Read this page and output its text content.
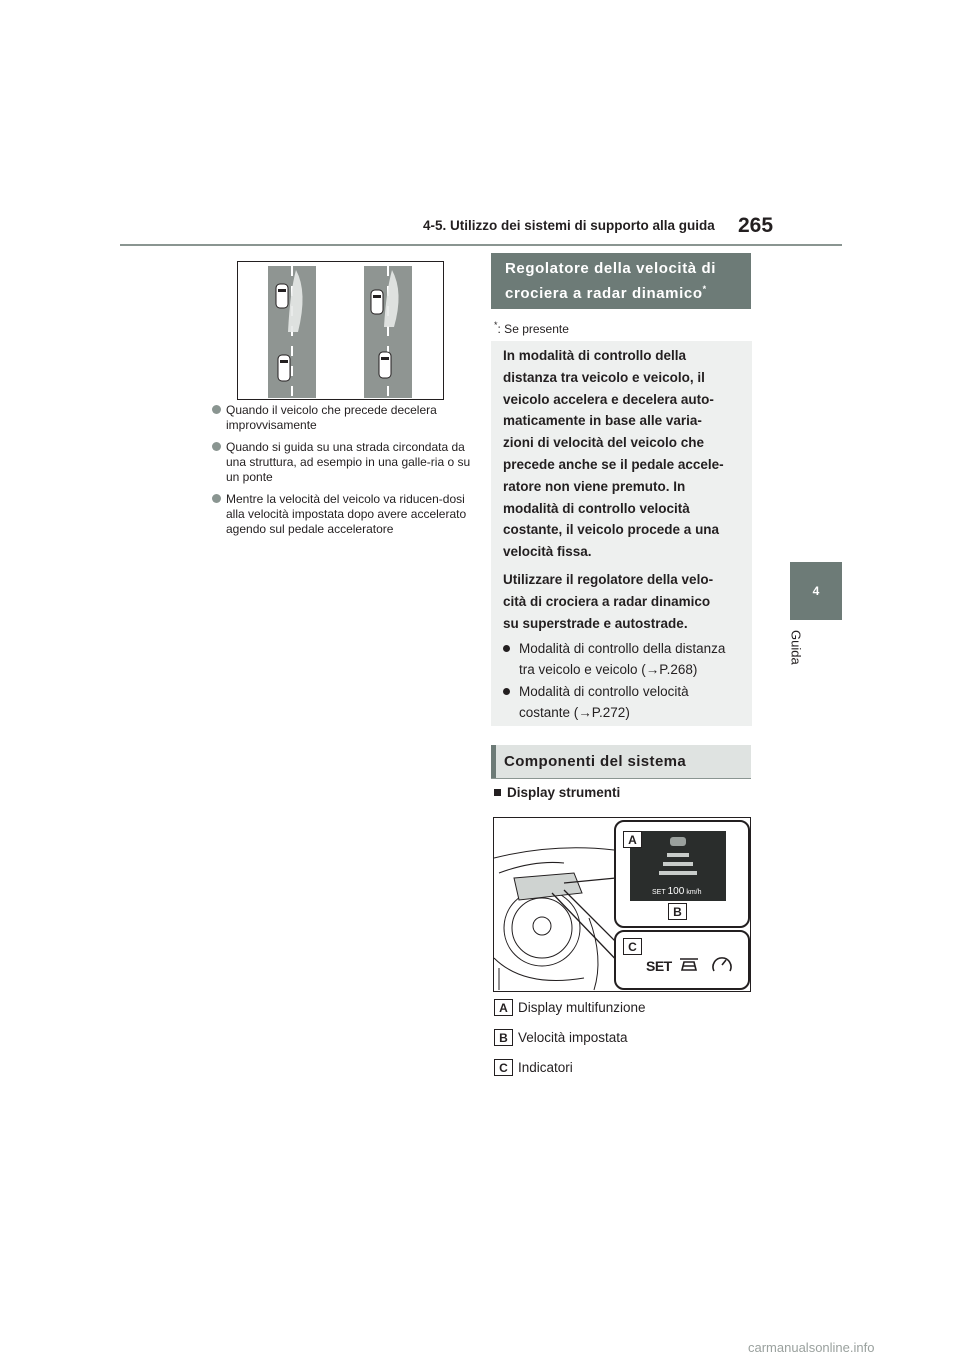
4-5. Utilizzo dei sistemi di supporto alla guida 265
4
Guida
Quando il veicolo che precede decelera improvvisamente
Quando si guida su una strada circondata da una struttura, ad esempio in una galle-ria o su un ponte
Mentre la velocità del veicolo va riducen-dosi alla velocità impostata dopo avere accelerato agendo sul pedale acceleratore
Regolatore della velocità di
crociera a radar dinamico*
*: Se presente
In modalità di controllo della
distanza tra veicolo e veicolo, il
veicolo accelera e decelera auto-
maticamente in base alle varia-
zioni di velocità del veicolo che
precede anche se il pedale accele-
ratore non viene premuto. In
modalità di controllo velocità
costante, il veicolo procede a una
velocità fissa.
Utilizzare il regolatore della velo-
cità di crociera a radar dinamico
su superstrade e autostrade.
Modalità di controllo della distanza
tra veicolo e veicolo (→P.268)
Modalità di controllo velocità
costante (→P.272)
Componenti del sistema
Display strumenti
SET 100 km/h
SET
A
B
C
A Display multifunzione
B Velocità impostata
C Indicatori
carmanualsonline.info
